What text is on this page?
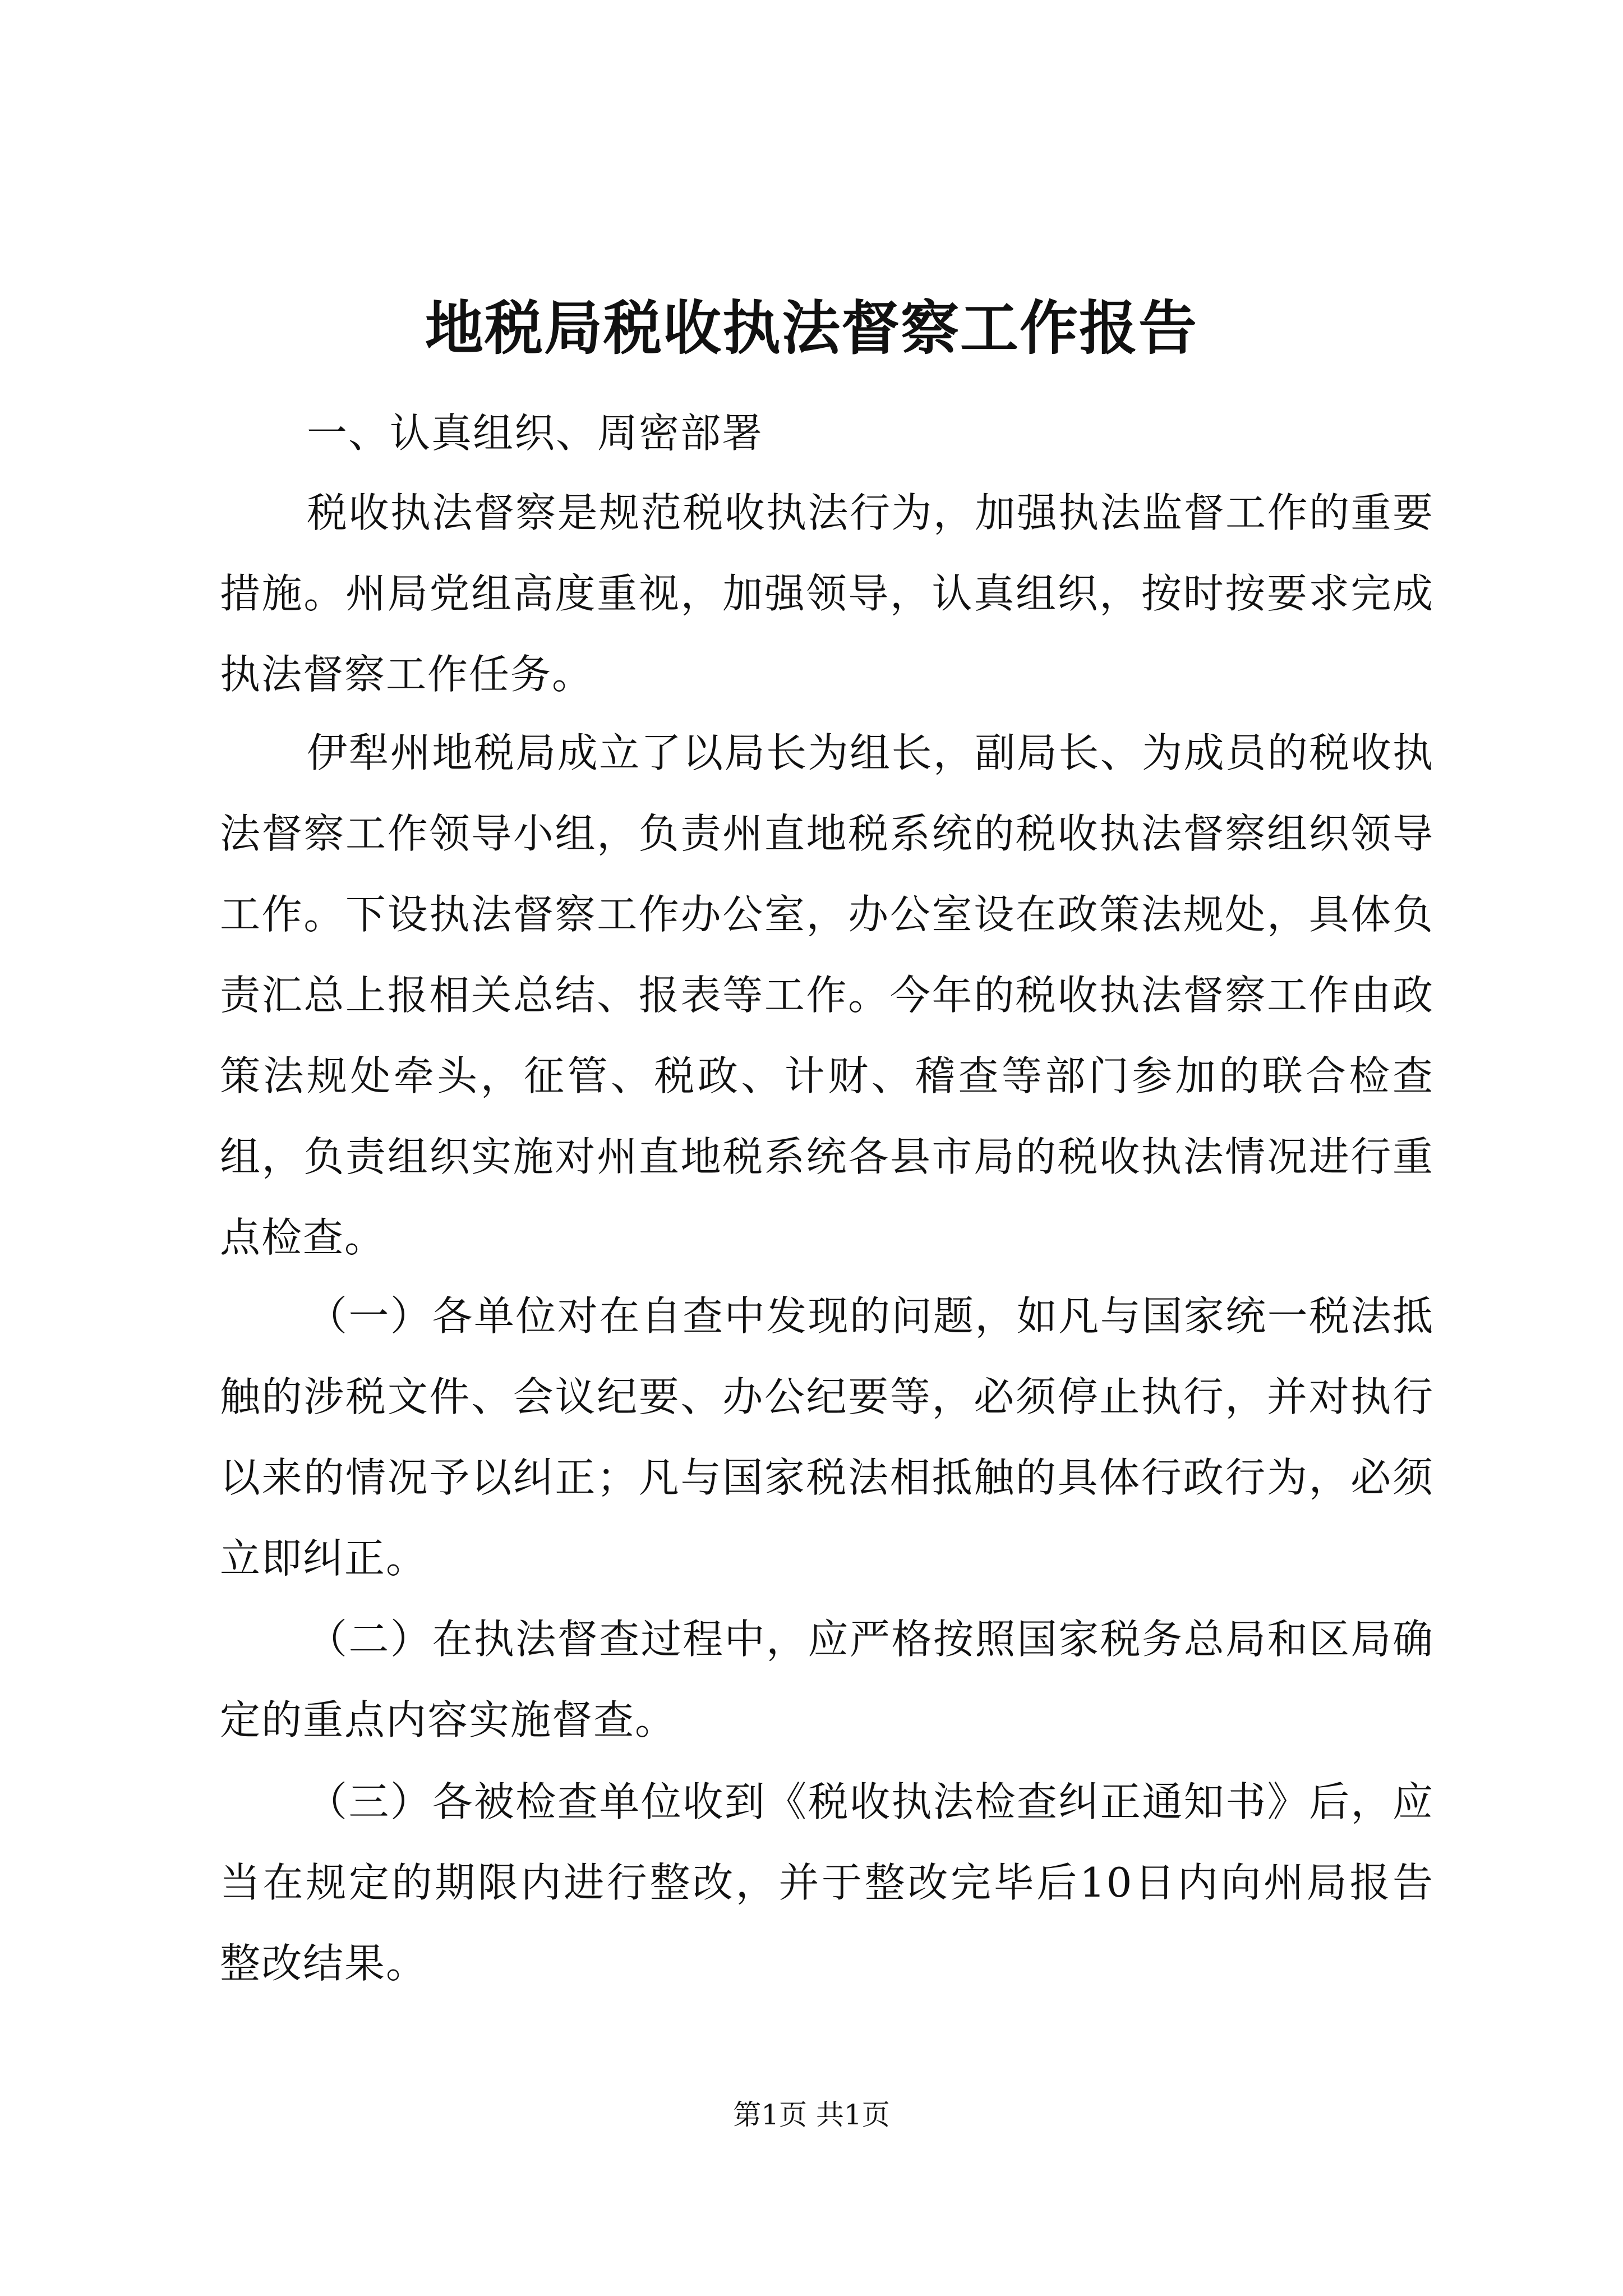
地税局税收执法督察工作报告
一、认真组织、周密部署

税收执法督察是规范税收执法行为，加强执法监督工作的重要措施。州局党组高度重视，加强领导，认真组织，按时按要求完成执法督察工作任务。

伊犁州地税局成立了以局长为组长，副局长、为成员的税收执法督察工作领导小组，负责州直地税系统的税收执法督察组织领导工作。下设执法督察工作办公室，办公室设在政策法规处，具体负责汇总上报相关总结、报表等工作。今年的税收执法督察工作由政策法规处牵头，征管、税政、计财、稽查等部门参加的联合检查组，负责组织实施对州直地税系统各县市局的税收执法情况进行重点检查。

（一）各单位对在自查中发现的问题，如凡与国家统一税法抵触的涉税文件、会议纪要、办公纪要等，必须停止执行，并对执行以来的情况予以纠正；凡与国家税法相抵触的具体行政行为，必须立即纠正。

（二）在执法督查过程中，应严格按照国家税务总局和区局确定的重点内容实施督查。

（三）各被检查单位收到《税收执法检查纠正通知书》后，应当在规定的期限内进行整改，并于整改完毕后10日内向州局报告整改结果。

第1页 共1页
